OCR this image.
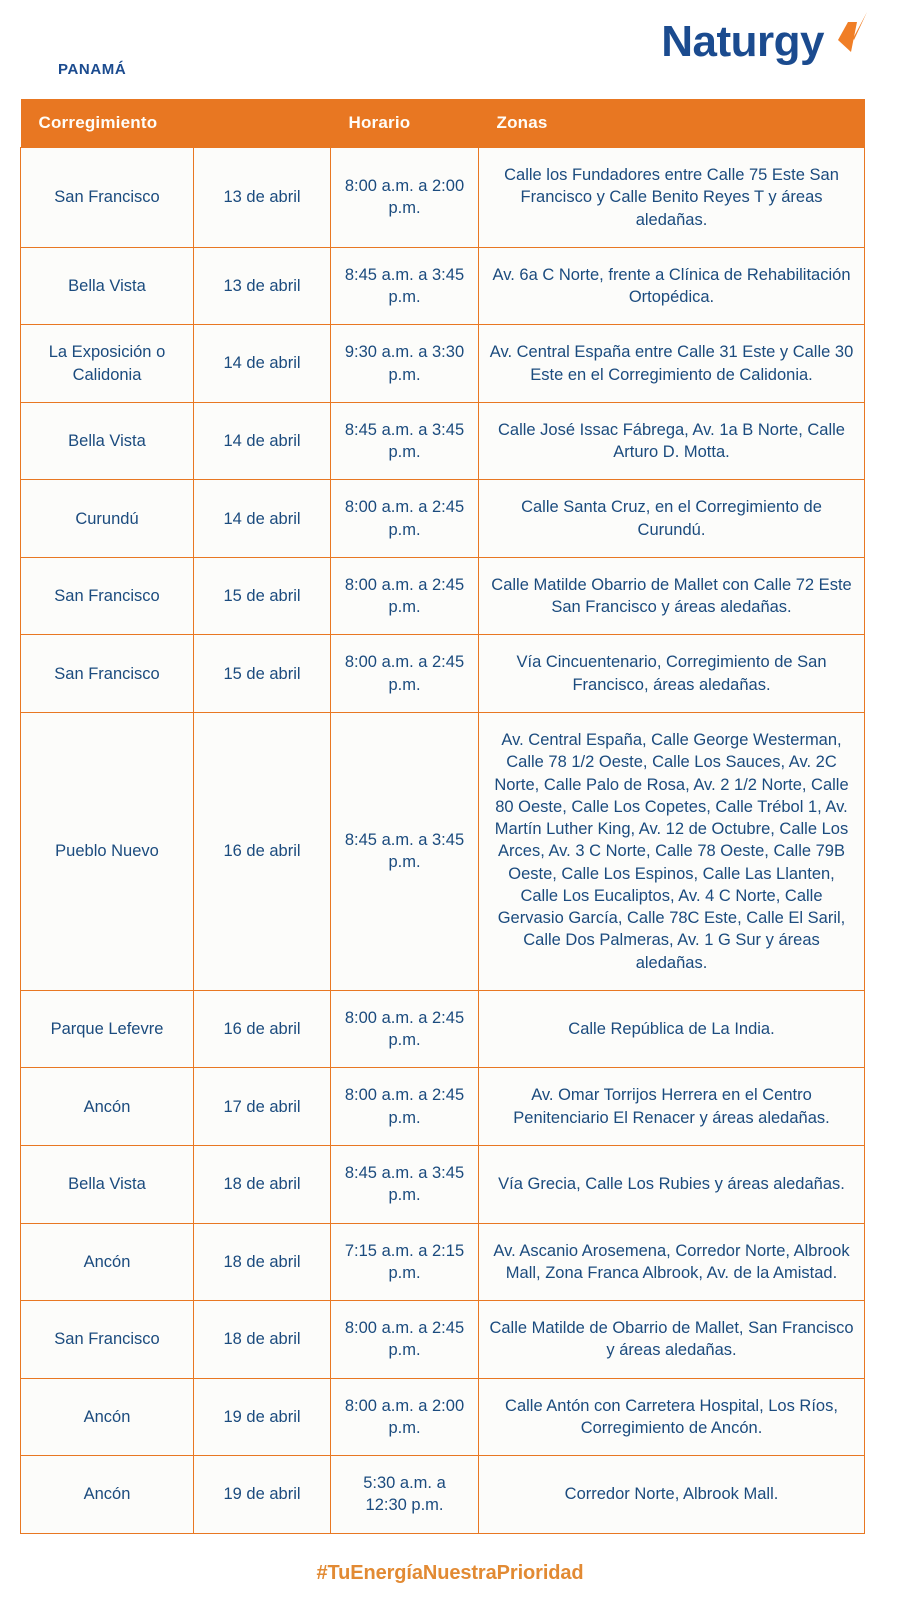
Naturgy
PANAMÁ
Corregimiento		Horario	Zonas
San Francisco	13 de abril	8:00 a.m. a 2:00 p.m.	Calle los Fundadores entre Calle 75 Este San Francisco y Calle Benito Reyes T y áreas aledañas.
Bella Vista	13 de abril	8:45 a.m. a 3:45 p.m.	Av. 6a C Norte, frente a Clínica de Rehabilitación Ortopédica.
La Exposición o Calidonia	14 de abril	9:30 a.m. a 3:30 p.m.	Av. Central España entre Calle 31 Este y Calle 30 Este en el Corregimiento de Calidonia.
Bella Vista	14 de abril	8:45 a.m. a 3:45 p.m.	Calle José Issac Fábrega, Av. 1a B Norte, Calle Arturo D. Motta.
Curundú	14 de abril	8:00 a.m. a 2:45 p.m.	Calle Santa Cruz, en el Corregimiento de Curundú.
San Francisco	15 de abril	8:00 a.m. a 2:45 p.m.	Calle Matilde Obarrio de Mallet con Calle 72 Este San Francisco y áreas aledañas.
San Francisco	15 de abril	8:00 a.m. a 2:45 p.m.	Vía Cincuentenario, Corregimiento de San Francisco, áreas aledañas.
Pueblo Nuevo	16 de abril	8:45 a.m. a 3:45 p.m.	Av. Central España, Calle George Westerman, Calle 78 1/2 Oeste, Calle Los Sauces, Av. 2C Norte, Calle Palo de Rosa, Av. 2 1/2 Norte, Calle 80 Oeste, Calle Los Copetes, Calle Trébol 1, Av. Martín Luther King, Av. 12 de Octubre, Calle Los Arces, Av. 3 C Norte, Calle 78 Oeste, Calle 79B Oeste, Calle Los Espinos, Calle Las Llanten, Calle Los Eucaliptos, Av. 4 C Norte, Calle Gervasio García, Calle 78C Este, Calle El Saril, Calle Dos Palmeras, Av. 1 G Sur y áreas aledañas.
Parque Lefevre	16 de abril	8:00 a.m. a 2:45 p.m.	Calle República de La India.
Ancón	17 de abril	8:00 a.m. a 2:45 p.m.	Av. Omar Torrijos Herrera en el Centro Penitenciario El Renacer y áreas aledañas.
Bella Vista	18 de abril	8:45 a.m. a 3:45 p.m.	Vía Grecia, Calle Los Rubies y áreas aledañas.
Ancón	18 de abril	7:15 a.m. a 2:15 p.m.	Av. Ascanio Arosemena, Corredor Norte, Albrook Mall, Zona Franca Albrook, Av. de la Amistad.
San Francisco	18 de abril	8:00 a.m. a 2:45 p.m.	Calle Matilde de Obarrio de Mallet, San Francisco y áreas aledañas.
Ancón	19 de abril	8:00 a.m. a 2:00 p.m.	Calle Antón con Carretera Hospital, Los Ríos, Corregimiento de Ancón.
Ancón	19 de abril	5:30 a.m. a 12:30 p.m.	Corredor Norte, Albrook Mall.
#TuEnergíaNuestraPrioridad
